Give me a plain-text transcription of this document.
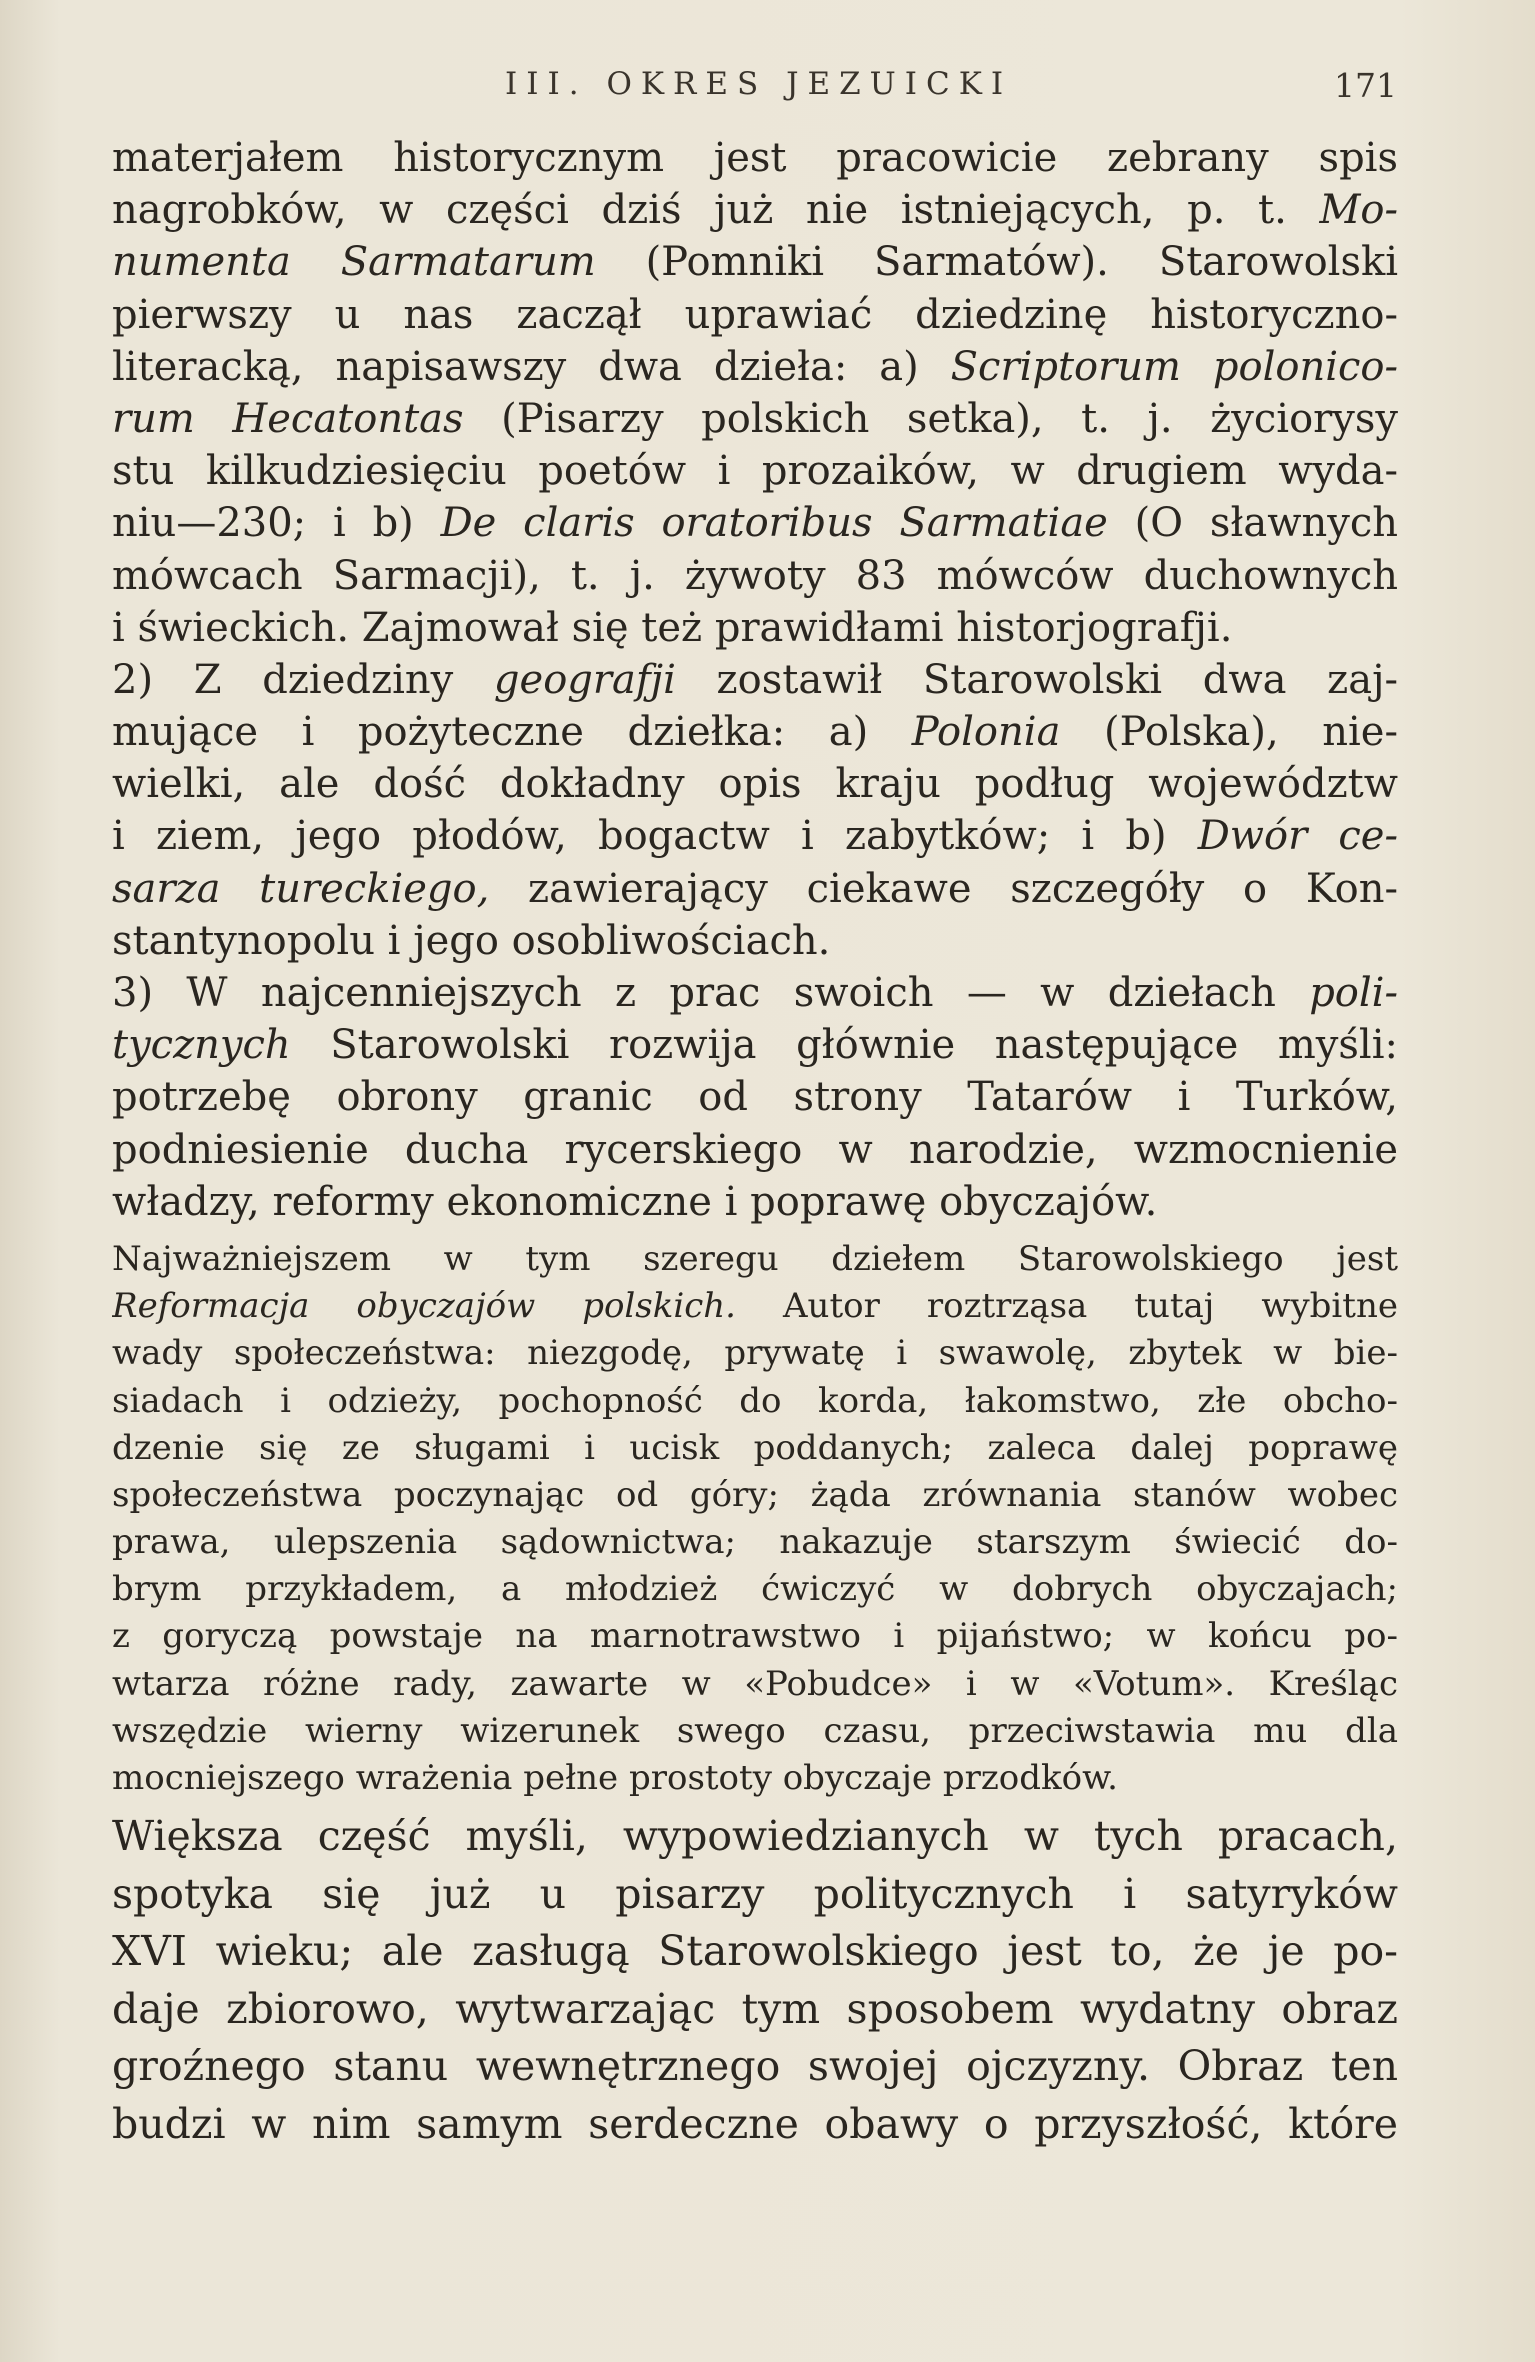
III. OKRES JEZUICKI	171
materjałem historycznym jest pracowicie zebrany spis
nagrobków, w części dziś już nie istniejących, p. t. Mo-
numenta Sarmatarum (Pomniki Sarmatów). Starowolski
pierwszy u nas zaczął uprawiać dziedzinę historyczno-
literacką, napisawszy dwa dzieła: a) Scriptorum polonico-
rum Hecatontas (Pisarzy polskich setka), t. j. życiorysy
stu kilkudziesięciu poetów i prozaików, w drugiem wyda-
niu—230; i b) De claris oratoribus Sarmatiae (O sławnych
mówcach Sarmacji), t. j. żywoty 83 mówców duchownych
i świeckich. Zajmował się też prawidłami historjografji.
2) Z dziedziny geografji zostawił Starowolski dwa zaj-
mujące i pożyteczne dziełka: a) Polonia (Polska), nie-
wielki, ale dość dokładny opis kraju podług województw
i ziem, jego płodów, bogactw i zabytków; i b) Dwór ce-
sarza tureckiego, zawierający ciekawe szczegóły o Kon-
stantynopolu i jego osobliwościach.
3) W najcenniejszych z prac swoich — w dziełach poli-
tycznych Starowolski rozwija głównie następujące myśli:
potrzebę obrony granic od strony Tatarów i Turków,
podniesienie ducha rycerskiego w narodzie, wzmocnienie
władzy, reformy ekonomiczne i poprawę obyczajów.
Najważniejszem w tym szeregu dziełem Starowolskiego jest
Reformacja obyczajów polskich. Autor roztrząsa tutaj wybitne
wady społeczeństwa: niezgodę, prywatę i swawolę, zbytek w bie-
siadach i odzieży, pochopność do korda, łakomstwo, złe obcho-
dzenie się ze sługami i ucisk poddanych; zaleca dalej poprawę
społeczeństwa poczynając od góry; żąda zrównania stanów wobec
prawa, ulepszenia sądownictwa; nakazuje starszym świecić do-
brym przykładem, a młodzież ćwiczyć w dobrych obyczajach;
z goryczą powstaje na marnotrawstwo i pijaństwo; w końcu po-
wtarza różne rady, zawarte w «Pobudce» i w «Votum». Kreśląc
wszędzie wierny wizerunek swego czasu, przeciwstawia mu dla
mocniejszego wrażenia pełne prostoty obyczaje przodków.
Większa część myśli, wypowiedzianych w tych pracach,
spotyka się już u pisarzy politycznych i satyryków
XVI wieku; ale zasługą Starowolskiego jest to, że je po-
daje zbiorowo, wytwarzając tym sposobem wydatny obraz
groźnego stanu wewnętrznego swojej ojczyzny. Obraz ten
budzi w nim samym serdeczne obawy o przyszłość, które
